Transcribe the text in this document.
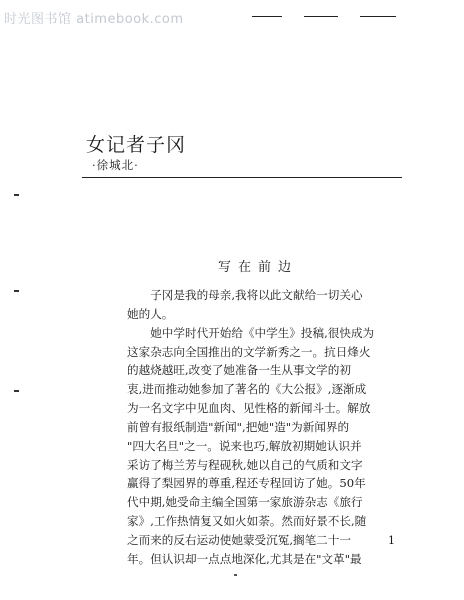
时光图书馆 atimebook.com
女记者子冈
·徐城北·
写在前边
　　子冈是我的母亲,我将以此文献给一切关心
她的人。
　　她中学时代开始给《中学生》投稿,很快成为
这家杂志向全国推出的文学新秀之一。抗日烽火
的越烧越旺,改变了她准备一生从事文学的初
衷,进而推动她参加了著名的《大公报》,逐渐成
为一名文字中见血肉、见性格的新闻斗士。解放
前曾有报纸制造"新闻",把她"造"为新闻界的
"四大名旦"之一。说来也巧,解放初期她认识并
采访了梅兰芳与程砚秋,她以自己的气质和文字
赢得了梨园界的尊重,程还专程回访了她。50年
代中期,她受命主编全国第一家旅游杂志《旅行
家》,工作热情复又如火如荼。然而好景不长,随
之而来的反右运动使她蒙受沉冤,搁笔二十一
年。但认识却一点点地深化,尤其是在"文革"最
1
